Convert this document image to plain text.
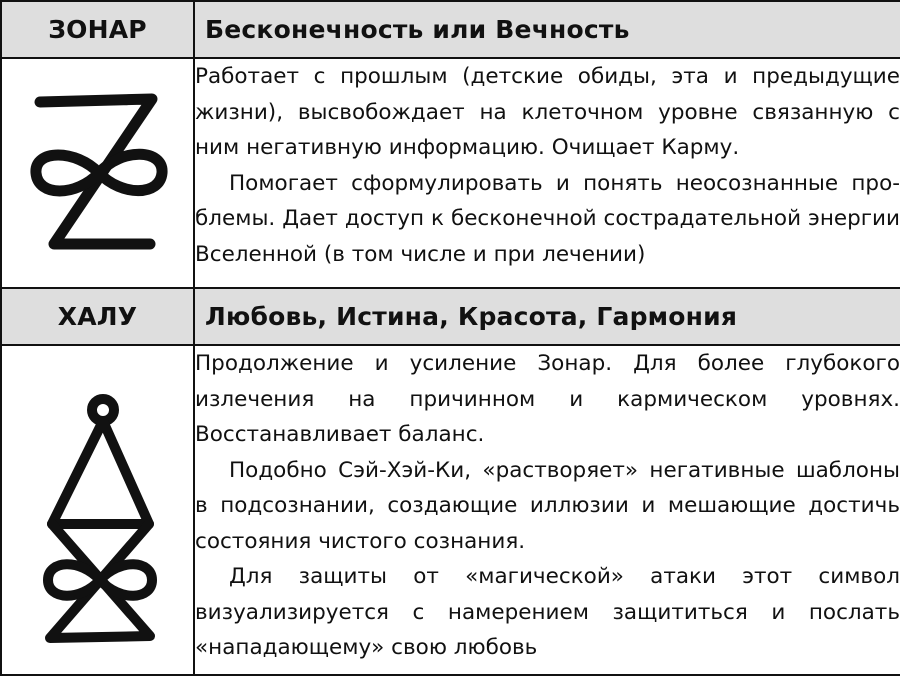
ЗОНАР	Бесконечность или Вечность

Работает с прошлым (детские обиды, эта и предыдущие жизни), высвобождает на клеточном уровне связанную с ним негативную информацию. Очищает Карму.

Помогает сформулировать и понять неосознанные проблемы. Дает доступ к бесконечной сострадательной энергии Вселенной (в том числе и при лечении)

ХАЛУ	Любовь, Истина, Красота, Гармония

Продолжение и усиление Зонар. Для более глубокого излечения на причинном и кармическом уровнях. Восстанавливает баланс.

Подобно Сэй-Хэй-Ки, «растворяет» негативные шаблоны в подсознании, создающие иллюзии и мешающие достичь состояния чистого сознания.

Для защиты от «магической» атаки этот символ визуализируется с намерением защититься и послать «нападающему» свою любовь
